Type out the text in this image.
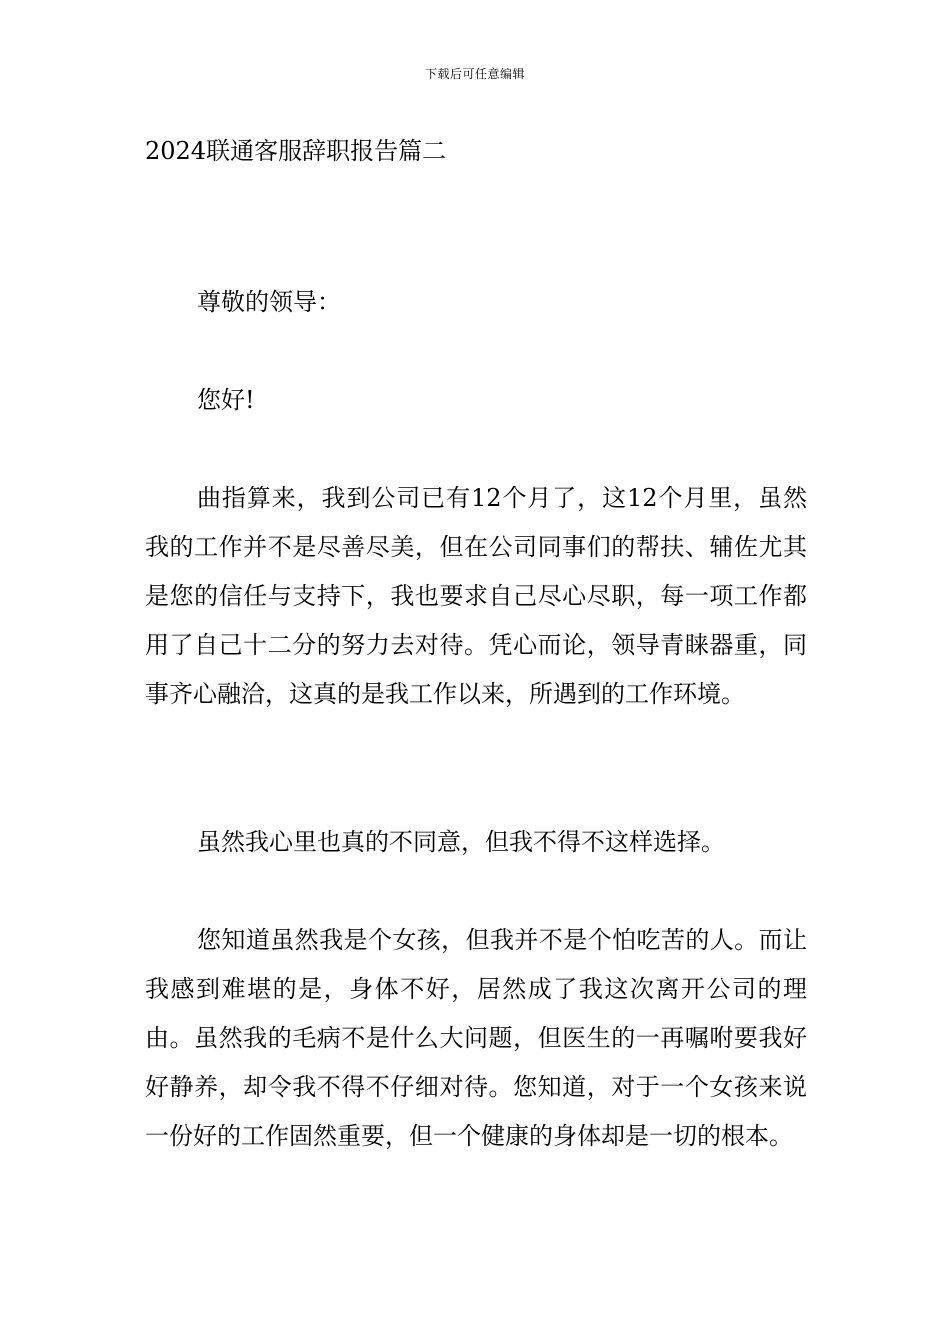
下载后可任意编辑
2024联通客服辞职报告篇二
尊敬的领导：
您好!
曲指算来，我到公司已有12个月了，这12个月里，虽然我的工作并不是尽善尽美，但在公司同事们的帮扶、辅佐尤其是您的信任与支持下，我也要求自己尽心尽职，每一项工作都用了自己十二分的努力去对待。凭心而论，领导青睐器重，同事齐心融洽，这真的是我工作以来，所遇到的工作环境。
虽然我心里也真的不同意，但我不得不这样选择。
您知道虽然我是个女孩，但我并不是个怕吃苦的人。而让我感到难堪的是，身体不好，居然成了我这次离开公司的理由。虽然我的毛病不是什么大问题，但医生的一再嘱咐要我好好静养，却令我不得不仔细对待。您知道，对于一个女孩来说一份好的工作固然重要，但一个健康的身体却是一切的根本。
